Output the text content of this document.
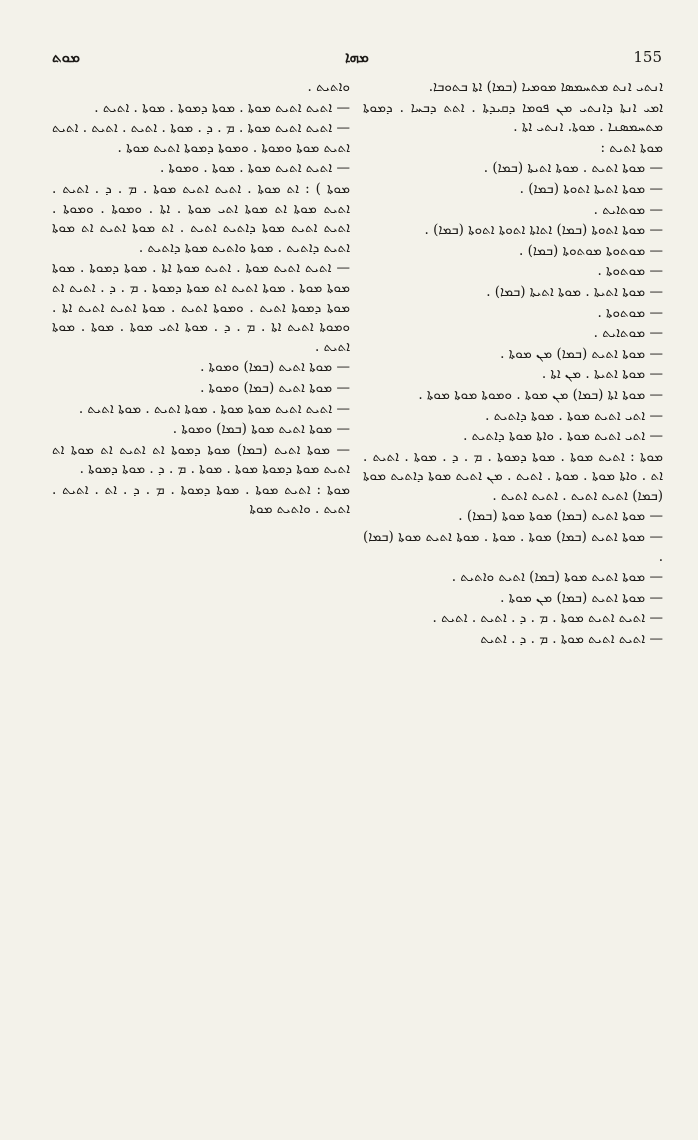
ܡܘܬ	ܡܗܐ	155
ܐܢܬܝ ܐܢܬ ܡܬܚܡܣܐ ܡܘܡܝܐ (ܒܡܐ) ܐܬܐ ܒܬܘܒܐ.
ܐܡܝ ܐܢܬܐ ܕܐܢܬܝ ܡܢ ܦܘܡܐ ܕܩܝܕܬܐ . ܐܬܬ ܕܒܚܐ . ܕܡܘܬܐ ܡܬܚܡܣܢܐ . ܡܘܬܐ. ܐܢܬܝ ܐܬܐ .
ܡܘܬܐ ܐܬܝܬ :
— ܡܘܬܐ ܐܬܝܬ . ܡܘܬܐ ܐܬܝܬܐ (ܒܡܐ) .
— ܡܘܬܐ ܐܬܝܬܐ ܐܬܘܬܐ (ܒܡܐ) .
— ܡܘܬܐܝܬ .
— ܡܘܬܐ ܐܬܘܬܐ (ܒܡܐ) ܐܬܐܬܐ ܐܬܘܬܐ ܐܬܘܬܐ (ܒܡܐ) .
— ܡܘܬܘܬܐ ܡܘܬܘܬܐ (ܒܡܐ) .
— ܡܘܬܘܬܐ .
— ܡܘܬܐ ܐܬܝܬܐ . ܡܘܬܐ ܐܬܝܬܐ (ܒܡܐ) .
— ܡܘܬܘܬܐ .
— ܡܘܬܐܝܬ .
— ܡܘܬܐ ܐܬܝܬ (ܒܡܐ) ܡܢ ܡܘܬܐ .
— ܡܘܬܐ ܐܬܝܬܐ . ܡܢ ܐܬܐ .
— ܡܘܬܐ ܐܬܐ (ܒܡܐ) ܡܢ ܡܘܬܐ . ܘܡܘܬܐ ܡܘܬܐ ܡܘܬܐ .
— ܐܬܝ ܐܬܝܬ ܡܘܬܐ . ܡܘܬܐ ܕܐܬܝܬ .
— ܐܬܝ ܐܬܝܬ ܡܘܬܐ . ܘܐܬܐ ܡܘܬܐ ܕܐܬܝܬ .
ܡܘܬܐ : ܐܬܝܬ ܡܘܬܐ . ܡܘܬܐ ܕܡܘܬܐ . ܡ . ܕ . ܡܘܬܐ . ܐܬܝܬ . ܐܬ . ܘܐܬܐ ܡܘܬܐ . ܡܘܬܐ . ܐܬܝܬ . ܡܢ ܐܬܝܬ ܡܘܬܐ ܕܐܬܝܬ ܡܘܬܐ (ܒܡܐ) ܐܬܝܬ ܐܬܝܬ . ܐܬܝܬ ܐܬܝܬ .
— ܡܘܬܐ ܐܬܝܬ (ܒܡܐ) ܡܘܬܐ ܡܘܬܐ (ܒܡܐ) .
— ܡܘܬܐ ܐܬܝܬ (ܒܡܐ) ܡܘܬܐ . ܡܘܬܐ . ܡܘܬܐ ܐܬܝܬ ܡܘܬܐ (ܒܡܐ) .
— ܡܘܬܐ ܐܬܝܬ ܡܘܬܐ (ܒܡܐ) ܐܬܝܬ ܘܐܬܝܬ .
— ܡܘܬܐ ܐܬܝܬ (ܒܡܐ) ܡܢ ܡܘܬܐ .
— ܐܬܝܬ ܐܬܝܬ ܡܘܬܐ . ܡ . ܕ . ܐܬܝܬ . ܐܬܝܬ .
— ܐܬܝܬ ܐܬܝܬ ܡܘܬܐ . ܡ . ܕ . ܐܬܝܬ
ܘܐܬܝܬ .
— ܐܬܝܬ ܐܬܝܬ ܡܘܬܐ . ܡܘܬܐ ܕܡܘܬܐ . ܡܘܬܐ . ܐܬܝܬ .
— ܐܬܝܬ ܐܬܝܬ ܡܘܬܐ . ܡ . ܕ . ܡܘܬܐ . ܐܬܝܬ . ܐܬܝܬ . ܐܬܝܬ ܐܬܝܬ ܡܘܬܐ ܘܡܘܬܐ . ܘܡܘܬܐ ܕܡܘܬܐ ܐܬܝܬ ܡܘܬܐ .
— ܐܬܝܬ ܐܬܝܬ ܡܘܬܐ . ܡܘܬܐ . ܘܡܘܬܐ .
ܡܘܬܐ ) : ܐܬ ܡܘܬܐ . ܐܬܝܬ ܐܬܝܬ ܡܘܬܐ . ܡ . ܕ . ܐܬܝܬ . ܐܬܝܬ ܡܘܬܐ ܐܬ ܡܘܬܐ ܐܬܝ ܡܘܬܐ . ܐܬܐ . ܘܡܘܬܐ . ܘܡܘܬܐ . ܐܬܝܬ ܐܬܝܬ ܡܘܬܐ ܕܐܬܝܬ ܐܬܝܬ . ܐܬ ܡܘܬܐ ܐܬܝܬ ܐܬ ܡܘܬܐ ܐܬܝܬ ܕܐܬܝܬ . ܡܘܬܐ ܘܐܬܝܬ ܡܘܬܐ ܕܐܬܝܬ .
— ܐܬܝܬ ܐܬܝܬ ܡܘܬܐ . ܐܬܝܬ ܡܘܬܐ ܐܬܐ . ܡܘܬܐ ܕܡܘܬܐ . ܡܘܬܐ ܡܘܬܐ ܡܘܬܐ . ܡܘܬܐ ܐܬܝܬ ܐܬ ܡܘܬܐ ܕܡܘܬܐ . ܡ . ܕ . ܐܬܝܬ ܐܬ ܡܘܬܐ ܕܡܘܬܐ ܐܬܝܬ . ܘܡܘܬܐ ܐܬܝܬ . ܡܘܬܐ ܐܬܝܬ ܐܬܝܬ ܐܬܐ . ܘܡܘܬܐ ܐܬܝܬ ܐܬܐ . ܡ . ܕ . ܡܘܬܐ ܐܬܝ ܡܘܬܐ . ܡܘܬܐ . ܡܘܬܐ ܐܬܝܬ .
— ܡܘܬܐ ܐܬܝܬ (ܒܡܐ) ܘܡܘܬܐ .
— ܡܘܬܐ ܐܬܝܬ (ܒܡܐ) ܘܡܘܬܐ .
— ܐܬܝܬ ܐܬܝܬ ܡܘܬܐ ܡܘܬܐ . ܡܘܬܐ ܐܬܝܬ . ܡܘܬܐ ܐܬܝܬ .
— ܡܘܬܐ ܐܬܝܬ ܡܘܬܐ (ܒܡܐ) ܘܡܘܬܐ .
— ܡܘܬܐ ܐܬܝܬ (ܒܡܐ) ܡܘܬܐ ܕܡܘܬܐ ܐܬ ܐܬܝܬ ܐܬ ܡܘܬܐ ܐܬ ܐܬܝܬ ܡܘܬܐ ܕܡܘܬܐ ܡܘܬܐ . ܡܘܬܐ . ܡ . ܕ . ܡܘܬܐ ܕܡܘܬܐ .
ܡܘܬܐ : ܐܬܝܬ ܡܘܬܐ . ܡܘܬܐ ܕܡܘܬܐ . ܡ . ܕ . ܐܬ . ܐܬܝܬ . ܐܬܝܬ . ܘܐܬܝܬ ܡܘܬܐ
